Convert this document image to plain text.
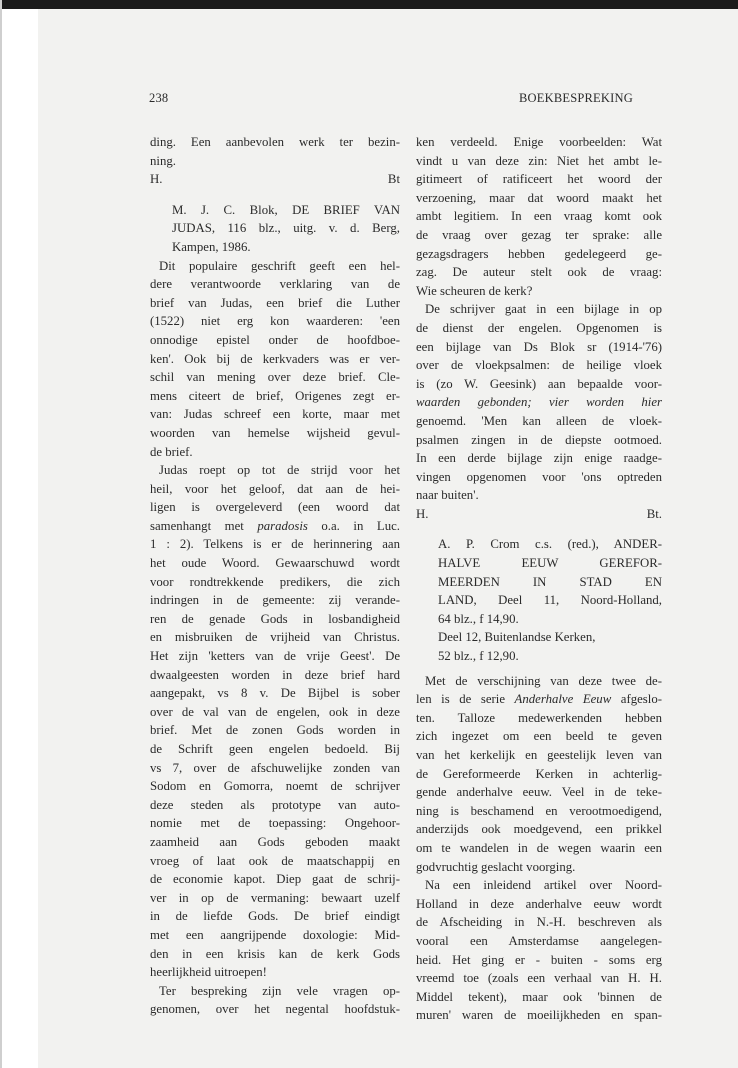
238	BOEKBESPREKING
ding. Een aanbevolen werk ter bezin-
ning.
H.	Bt
M. J. C. Blok, DE BRIEF VAN
JUDAS, 116 blz., uitg. v. d. Berg,
Kampen, 1986.
Dit populaire geschrift geeft een hel-
dere verantwoorde verklaring van de
brief van Judas, een brief die Luther
(1522) niet erg kon waarderen: 'een
onnodige epistel onder de hoofdboe-
ken'. Ook bij de kerkvaders was er ver-
schil van mening over deze brief. Cle-
mens citeert de brief, Origenes zegt er-
van: Judas schreef een korte, maar met
woorden van hemelse wijsheid gevul-
de brief.
Judas roept op tot de strijd voor het
heil, voor het geloof, dat aan de hei-
ligen is overgeleverd (een woord dat
samenhangt met paradosis o.a. in Luc.
1 : 2). Telkens is er de herinnering aan
het oude Woord. Gewaarschuwd wordt
voor rondtrekkende predikers, die zich
indringen in de gemeente: zij verande-
ren de genade Gods in losbandigheid
en misbruiken de vrijheid van Christus.
Het zijn 'ketters van de vrije Geest'. De
dwaalgeesten worden in deze brief hard
aangepakt, vs 8 v. De Bijbel is sober
over de val van de engelen, ook in deze
brief. Met de zonen Gods worden in
de Schrift geen engelen bedoeld. Bij
vs 7, over de afschuwelijke zonden van
Sodom en Gomorra, noemt de schrijver
deze steden als prototype van auto-
nomie met de toepassing: Ongehoor-
zaamheid aan Gods geboden maakt
vroeg of laat ook de maatschappij en
de economie kapot. Diep gaat de schrij-
ver in op de vermaning: bewaart uzelf
in de liefde Gods. De brief eindigt
met een aangrijpende doxologie: Mid-
den in een krisis kan de kerk Gods
heerlijkheid uitroepen!
Ter bespreking zijn vele vragen op-
genomen, over het negental hoofdstuk-
ken verdeeld. Enige voorbeelden: Wat
vindt u van deze zin: Niet het ambt le-
gitimeert of ratificeert het woord der
verzoening, maar dat woord maakt het
ambt legitiem. In een vraag komt ook
de vraag over gezag ter sprake: alle
gezagsdragers hebben gedelegeerd ge-
zag. De auteur stelt ook de vraag:
Wie scheuren de kerk?
De schrijver gaat in een bijlage in op
de dienst der engelen. Opgenomen is
een bijlage van Ds Blok sr (1914-'76)
over de vloekpsalmen: de heilige vloek
is (zo W. Geesink) aan bepaalde voor-
waarden gebonden; vier worden hier
genoemd. 'Men kan alleen de vloek-
psalmen zingen in de diepste ootmoed.
In een derde bijlage zijn enige raadge-
vingen opgenomen voor 'ons optreden
naar buiten'.
H.	Bt.
A. P. Crom c.s. (red.), ANDER-
HALVE EEUW GEREFOR-
MEERDEN IN STAD EN
LAND, Deel 11, Noord-Holland,
64 blz., f 14,90.
Deel 12, Buitenlandse Kerken,
52 blz., f 12,90.
Met de verschijning van deze twee de-
len is de serie Anderhalve Eeuw afgeslo-
ten. Talloze medewerkenden hebben
zich ingezet om een beeld te geven
van het kerkelijk en geestelijk leven van
de Gereformeerde Kerken in achterlig-
gende anderhalve eeuw. Veel in de teke-
ning is beschamend en verootmoedigend,
anderzijds ook moedgevend, een prikkel
om te wandelen in de wegen waarin een
godvruchtig geslacht voorging.
Na een inleidend artikel over Noord-
Holland in deze anderhalve eeuw wordt
de Afscheiding in N.-H. beschreven als
vooral een Amsterdamse aangelegen-
heid. Het ging er - buiten - soms erg
vreemd toe (zoals een verhaal van H. H.
Middel tekent), maar ook 'binnen de
muren' waren de moeilijkheden en span-
